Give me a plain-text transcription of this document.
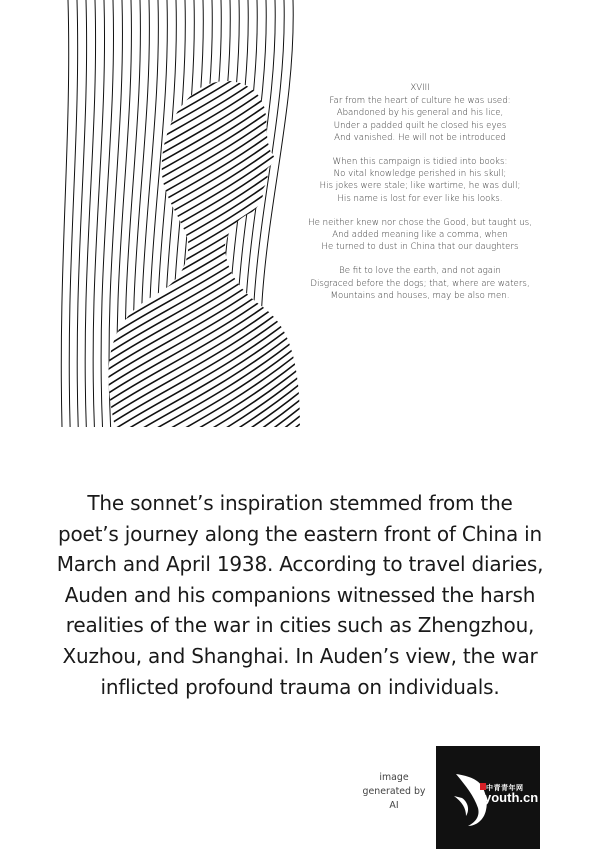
XVIII
Far from the heart of culture he was used:
Abandoned by his general and his lice,
Under a padded quilt he closed his eyes
And vanished. He will not be introduced
When this campaign is tidied into books:
No vital knowledge perished in his skull;
His jokes were stale; like wartime, he was dull;
His name is lost for ever like his looks.
He neither knew nor chose the Good, but taught us,
And added meaning like a comma, when
He turned to dust in China that our daughters
Be fit to love the earth, and not again
Disgraced before the dogs; that, where are waters,
Mountains and houses, may be also men.
The sonnet’s inspiration stemmed from the
poet’s journey along the eastern front of China in
March and April 1938. According to travel diaries,
Auden and his companions witnessed the harsh
realities of the war in cities such as Zhengzhou,
Xuzhou, and Shanghai. In Auden’s view, the war
inflicted profound trauma on individuals.
image
generated by
AI
中青青年网
youth.cn
